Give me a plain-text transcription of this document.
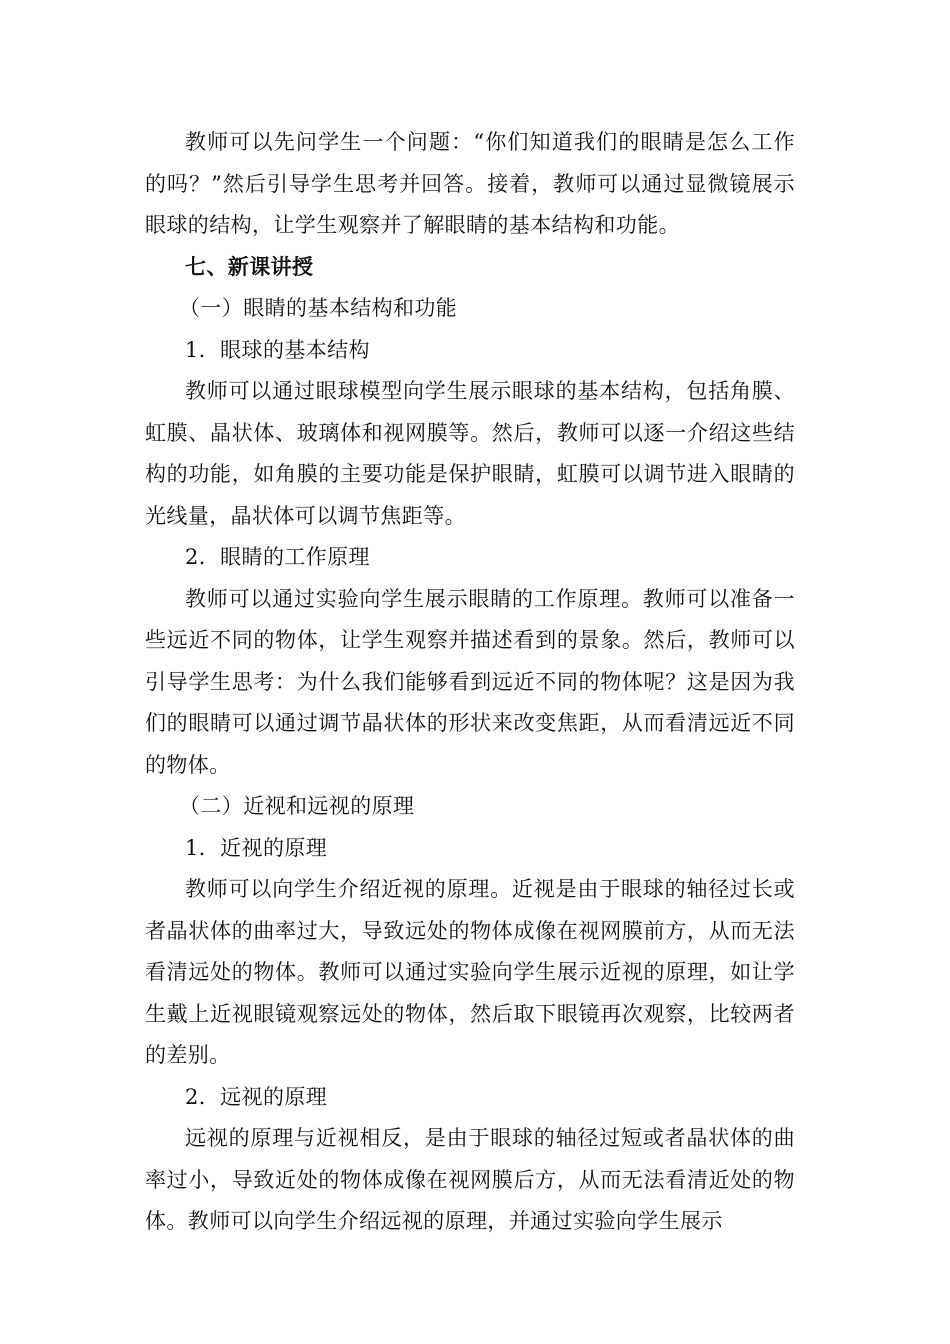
教师可以先问学生一个问题：“你们知道我们的眼睛是怎么工作的吗？”然后引导学生思考并回答。接着，教师可以通过显微镜展示眼球的结构，让学生观察并了解眼睛的基本结构和功能。

七、新课讲授

（一）眼睛的基本结构和功能

1．眼球的基本结构

教师可以通过眼球模型向学生展示眼球的基本结构，包括角膜、虹膜、晶状体、玻璃体和视网膜等。然后，教师可以逐一介绍这些结构的功能，如角膜的主要功能是保护眼睛，虹膜可以调节进入眼睛的光线量，晶状体可以调节焦距等。

2．眼睛的工作原理

教师可以通过实验向学生展示眼睛的工作原理。教师可以准备一些远近不同的物体，让学生观察并描述看到的景象。然后，教师可以引导学生思考：为什么我们能够看到远近不同的物体呢？这是因为我们的眼睛可以通过调节晶状体的形状来改变焦距，从而看清远近不同的物体。

（二）近视和远视的原理

1．近视的原理

教师可以向学生介绍近视的原理。近视是由于眼球的轴径过长或者晶状体的曲率过大，导致远处的物体成像在视网膜前方，从而无法看清远处的物体。教师可以通过实验向学生展示近视的原理，如让学生戴上近视眼镜观察远处的物体，然后取下眼镜再次观察，比较两者的差别。

2．远视的原理

远视的原理与近视相反，是由于眼球的轴径过短或者晶状体的曲率过小，导致近处的物体成像在视网膜后方，从而无法看清近处的物体。教师可以向学生介绍远视的原理，并通过实验向学生展示
